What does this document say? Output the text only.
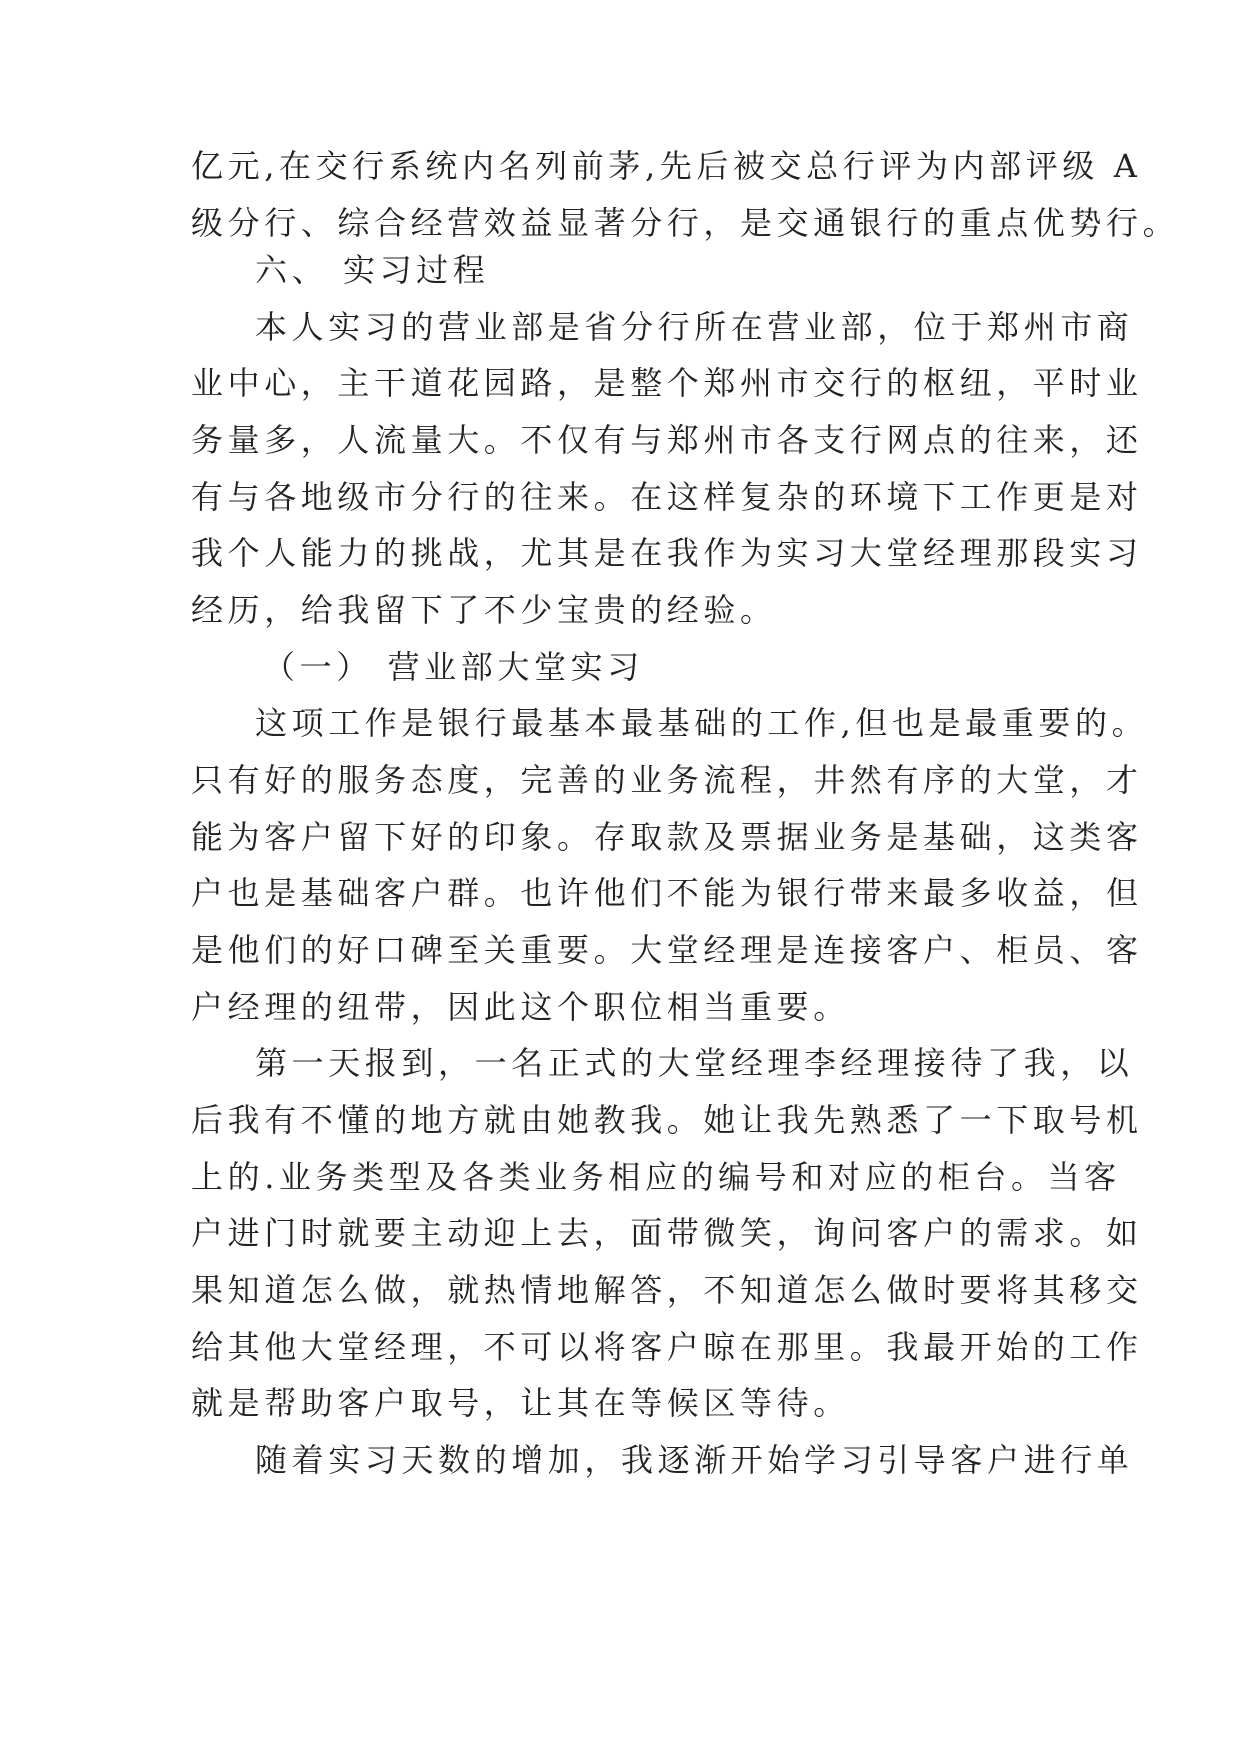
亿元,在交行系统内名列前茅,先后被交总行评为内部评级 A
级分行、综合经营效益显著分行，是交通银行的重点优势行。
六、 实习过程
本人实习的营业部是省分行所在营业部，位于郑州市商
业中心，主干道花园路，是整个郑州市交行的枢纽，平时业
务量多，人流量大。不仅有与郑州市各支行网点的往来，还
有与各地级市分行的往来。在这样复杂的环境下工作更是对
我个人能力的挑战，尤其是在我作为实习大堂经理那段实习
经历，给我留下了不少宝贵的经验。
（一） 营业部大堂实习
这项工作是银行最基本最基础的工作,但也是最重要的。
只有好的服务态度，完善的业务流程，井然有序的大堂，才
能为客户留下好的印象。存取款及票据业务是基础，这类客
户也是基础客户群。也许他们不能为银行带来最多收益，但
是他们的好口碑至关重要。大堂经理是连接客户、柜员、客
户经理的纽带，因此这个职位相当重要。
第一天报到，一名正式的大堂经理李经理接待了我，以
后我有不懂的地方就由她教我。她让我先熟悉了一下取号机
上的.业务类型及各类业务相应的编号和对应的柜台。当客
户进门时就要主动迎上去，面带微笑，询问客户的需求。如
果知道怎么做，就热情地解答，不知道怎么做时要将其移交
给其他大堂经理，不可以将客户晾在那里。我最开始的工作
就是帮助客户取号，让其在等候区等待。
随着实习天数的增加，我逐渐开始学习引导客户进行单
